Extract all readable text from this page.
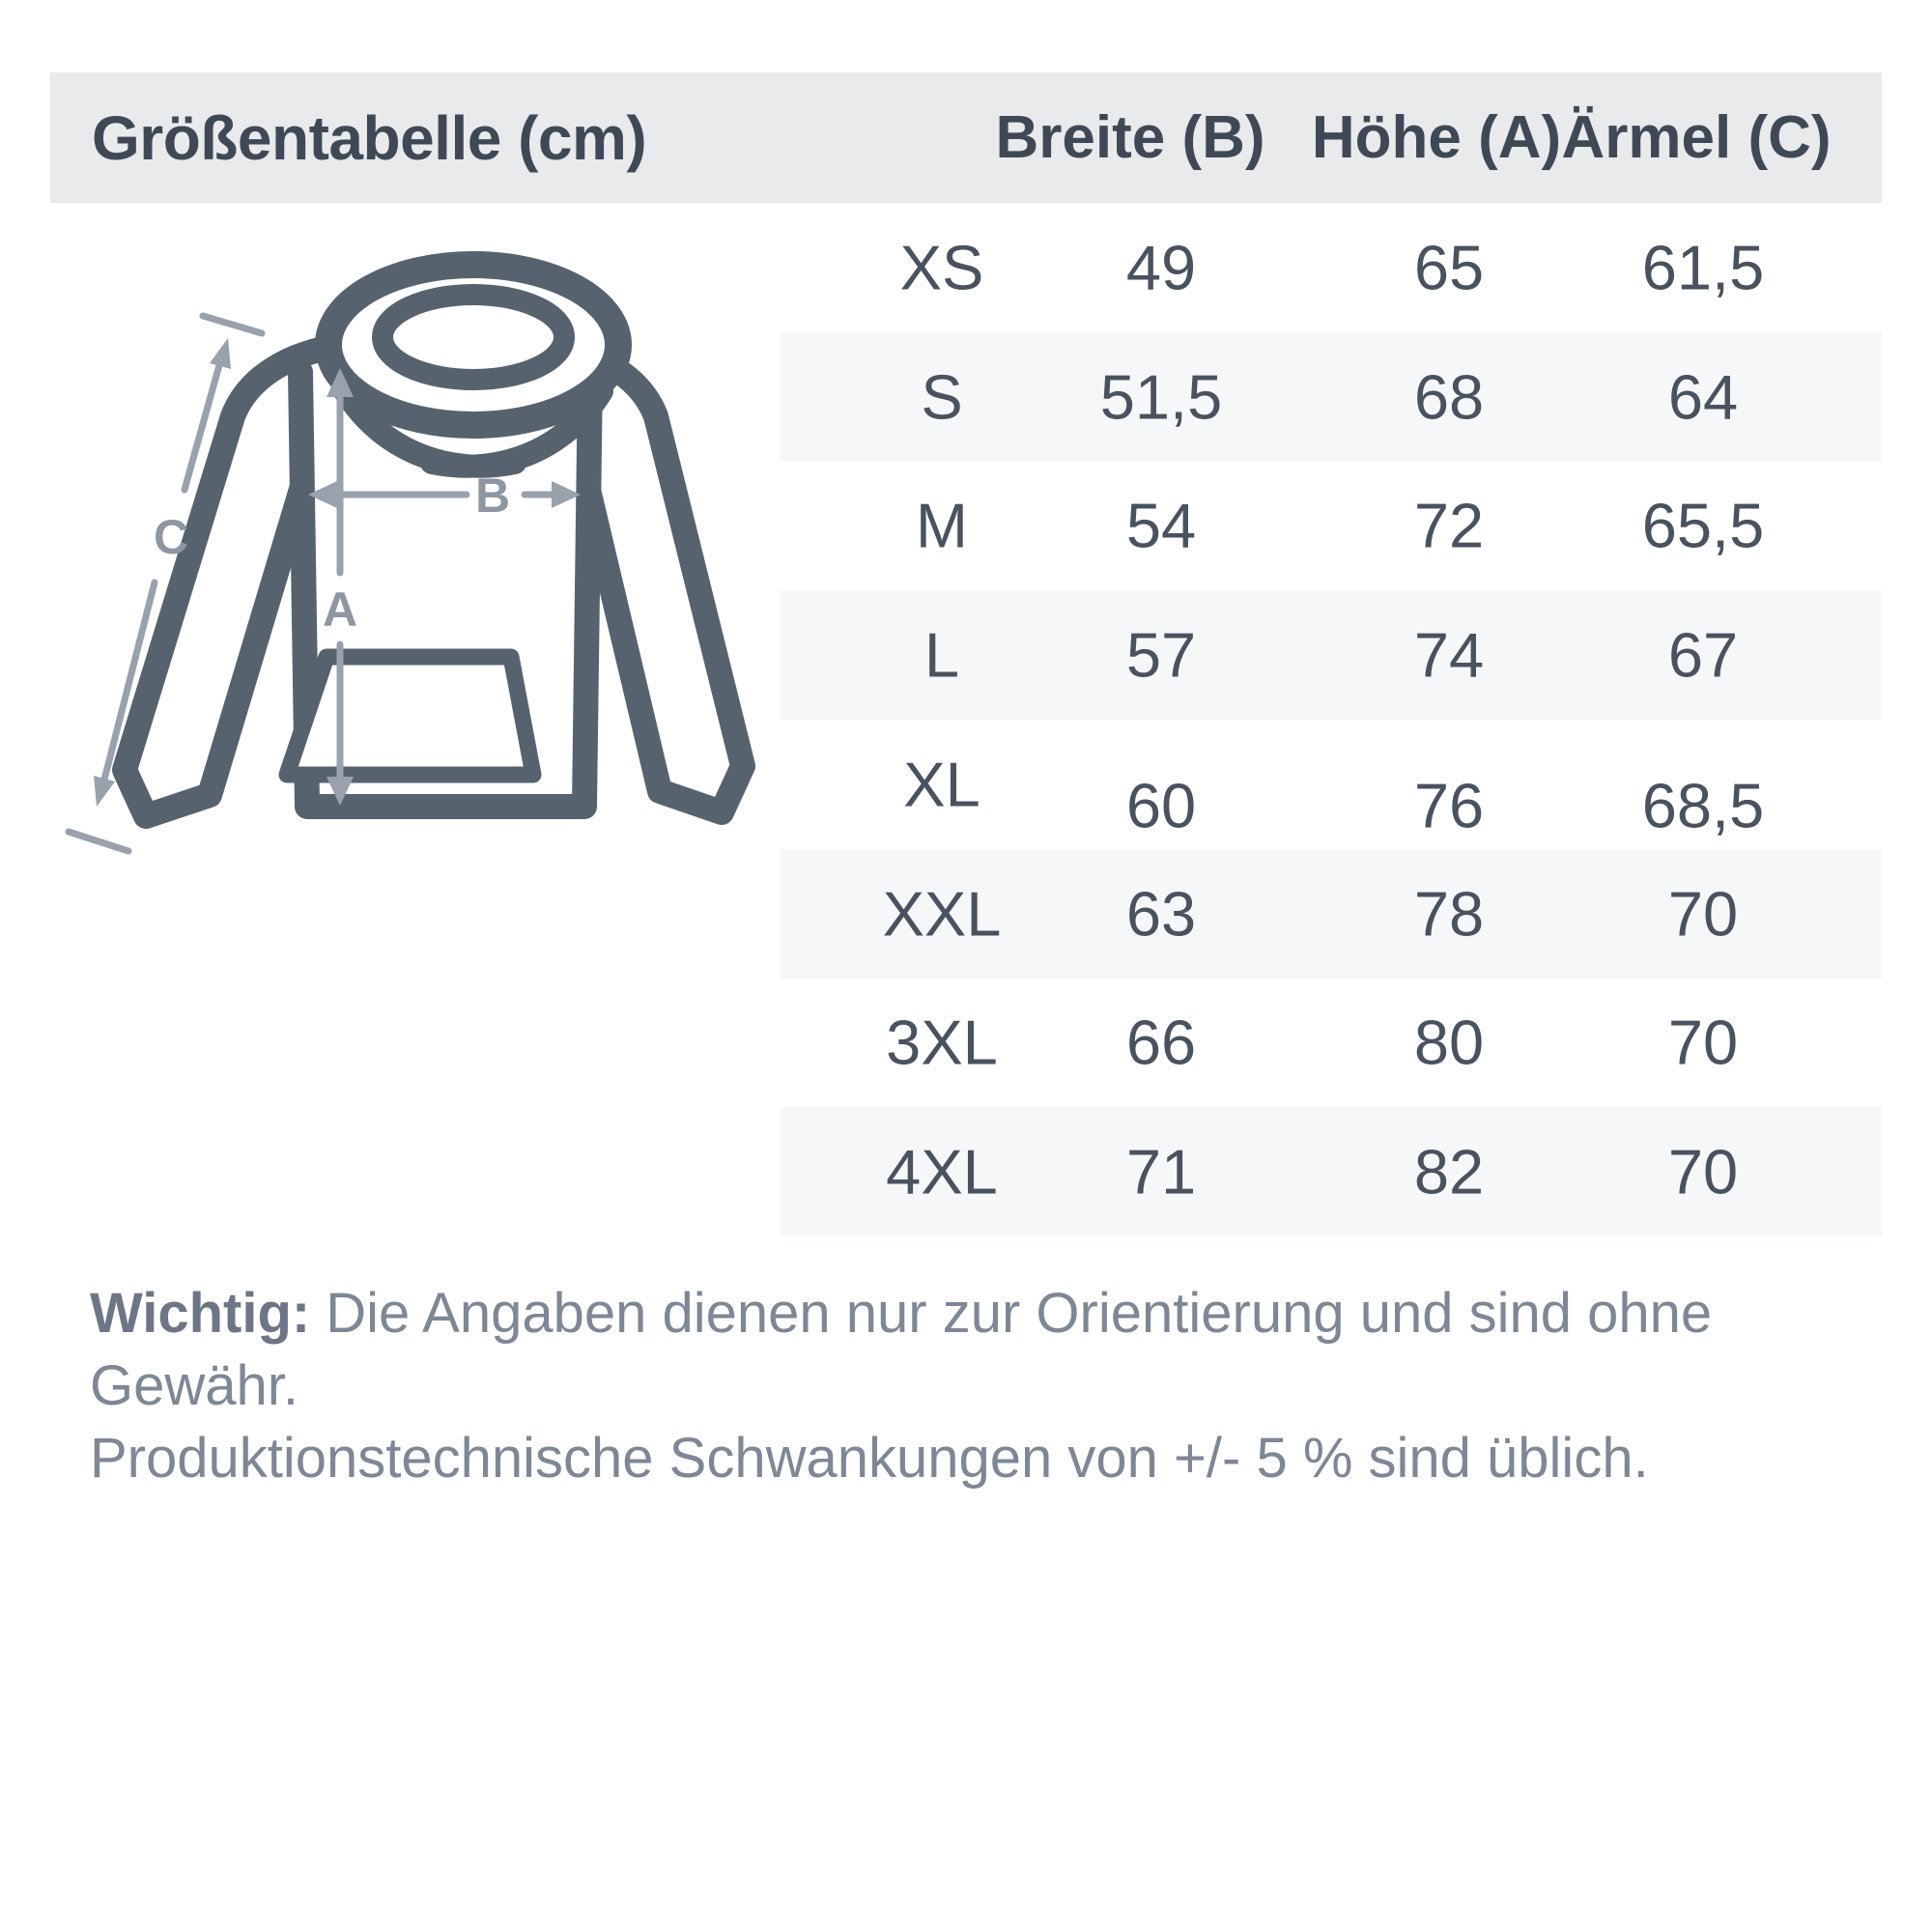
Größentabelle (cm)	Breite (B) Höhe (A) Ärmel (C)
A
B
C
XS 49	65	61,5
S 51,5	68	64
M	54	72	65,5
L	57	74	67
XL 60	76	68,5
XXL 63	78	70
3XL 66	80	70
4XL 71	82	70
Wichtig: Die Angaben dienen nur zur Orientierung und sind ohne Gewähr.
Produktionstechnische Schwankungen von +/- 5 % sind üblich.
